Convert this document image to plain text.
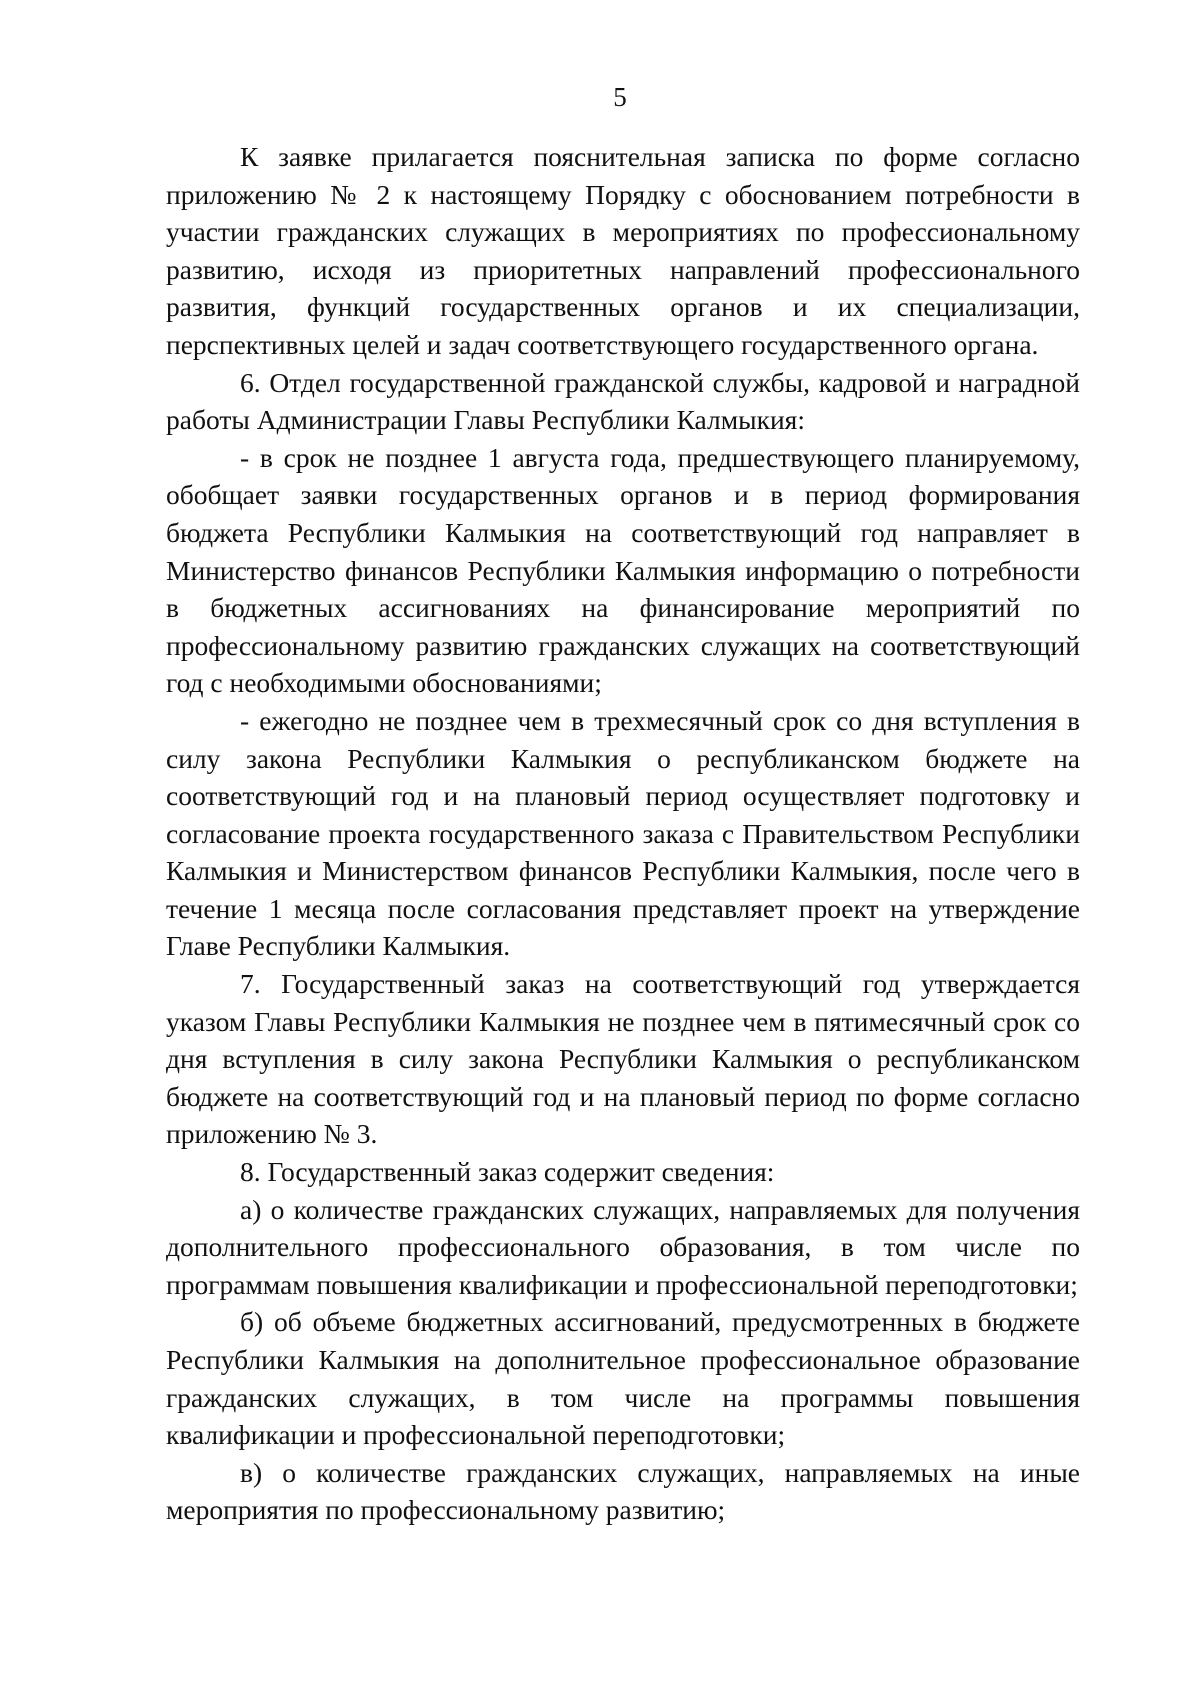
5

К заявке прилагается пояснительная записка по форме согласно приложению № 2 к настоящему Порядку с обоснованием потребности в участии гражданских служащих в мероприятиях по профессиональному развитию, исходя из приоритетных направлений профессионального развития, функций государственных органов и их специализации, перспективных целей и задач соответствующего государственного органа.

6. Отдел государственной гражданской службы, кадровой и наградной работы Администрации Главы Республики Калмыкия:

- в срок не позднее 1 августа года, предшествующего планируемому, обобщает заявки государственных органов и в период формирования бюджета Республики Калмыкия на соответствующий год направляет в Министерство финансов Республики Калмыкия информацию о потребности в бюджетных ассигнованиях на финансирование мероприятий по профессиональному развитию гражданских служащих на соответствующий год с необходимыми обоснованиями;

- ежегодно не позднее чем в трехмесячный срок со дня вступления в силу закона Республики Калмыкия о республиканском бюджете на соответствующий год и на плановый период осуществляет подготовку и согласование проекта государственного заказа с Правительством Республики Калмыкия и Министерством финансов Республики Калмыкия, после чего в течение 1 месяца после согласования представляет проект на утверждение Главе Республики Калмыкия.

7. Государственный заказ на соответствующий год утверждается указом Главы Республики Калмыкия не позднее чем в пятимесячный срок со дня вступления в силу закона Республики Калмыкия о республиканском бюджете на соответствующий год и на плановый период по форме согласно приложению № 3.

8. Государственный заказ содержит сведения:

а) о количестве гражданских служащих, направляемых для получения дополнительного профессионального образования, в том числе по программам повышения квалификации и профессиональной переподготовки;

б) об объеме бюджетных ассигнований, предусмотренных в бюджете Республики Калмыкия на дополнительное профессиональное образование гражданских служащих, в том числе на программы повышения квалификации и профессиональной переподготовки;

в) о количестве гражданских служащих, направляемых на иные мероприятия по профессиональному развитию;
